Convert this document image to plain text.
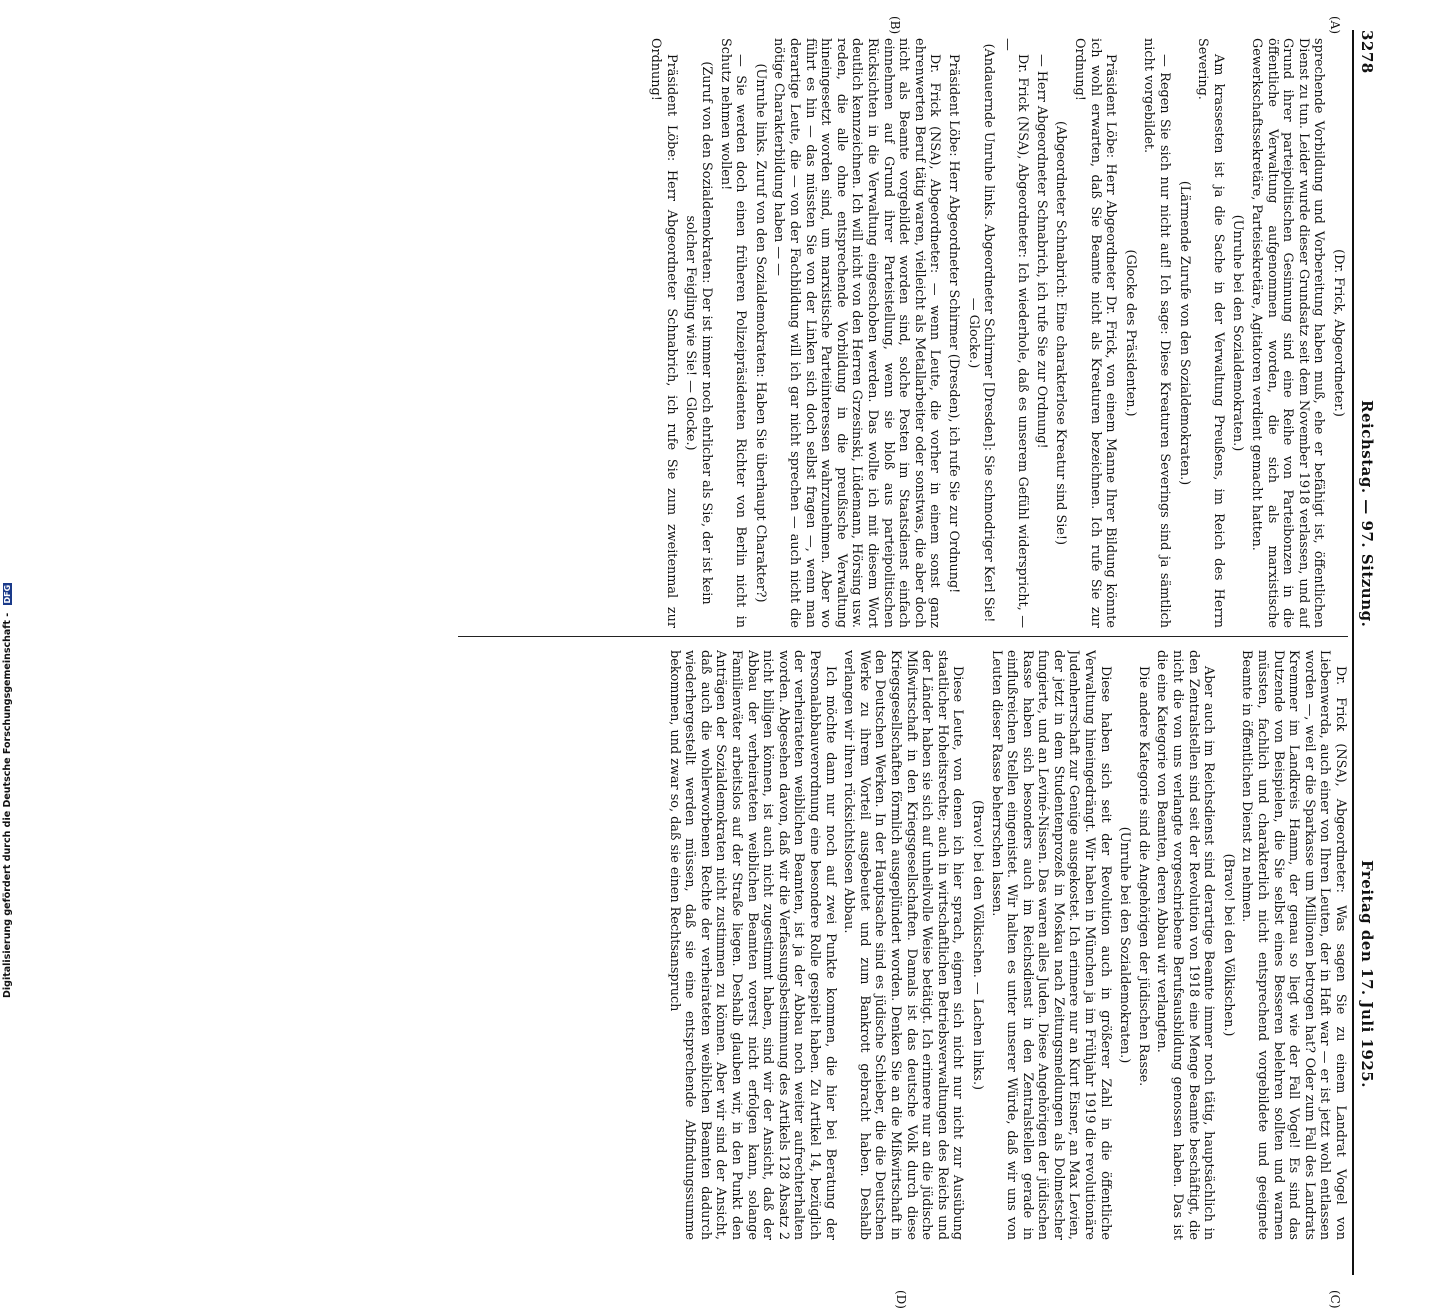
3278
Reichstag. — 97. Sitzung.
Freitag den 17. Juli 1925.
(A)
(B)
(C)
(D)

(Dr. Frick, Abgeordneter.)

sprechende Vorbildung und Vorbereitung haben muß, ehe er befähigt ist, öffentlichen Dienst zu tun. Leider wurde dieser Grundsatz seit dem November 1918 verlassen, und auf Grund ihrer parteipolitischen Gesinnung sind eine Reihe von Parteibonzen in die öffentliche Verwaltung aufgenommen worden, die sich als marxistische Gewerkschaftssekretäre, Parteisekretäre, Agitatoren verdient gemacht hatten.

(Unruhe bei den Sozialdemokraten.)

Am krassesten ist ja die Sache in der Verwaltung Preußens, im Reich des Herrn Severing.

(Lärmende Zurufe von den Sozialdemokraten.)

— Regen Sie sich nur nicht auf! Ich sage: Diese Kreaturen Severings sind ja sämtlich nicht vorgebildet.

(Glocke des Präsidenten.)

Präsident Löbe: Herr Abgeordneter Dr. Frick, von einem Manne Ihrer Bildung könnte ich wohl erwarten, daß Sie Beamte nicht als Kreaturen bezeichnen. Ich rufe Sie zur Ordnung!

(Abgeordneter Schnabrich: Eine charakterlose Kreatur sind Sie!)

— Herr Abgeordneter Schnabrich, ich rufe Sie zur Ordnung!

Dr. Frick (NSA), Abgeordneter: Ich wiederhole, daß es unserem Gefühl widerspricht, — —

(Andauernde Unruhe links. Abgeordneter Schirmer [Dresden]: Sie schmodriger Kerl Sie! — Glocke.)

Präsident Löbe: Herr Abgeordneter Schirmer (Dresden), ich rufe Sie zur Ordnung!

Dr. Frick (NSA), Abgeordneter: — wenn Leute, die vorher in einem sonst ganz ehrenwerten Beruf tätig waren, vielleicht als Metallarbeiter oder sonstwas, die aber doch nicht als Beamte vorgebildet worden sind, solche Posten im Staatsdienst einfach einnehmen auf Grund ihrer Parteistellung, wenn sie bloß aus parteipolitischen Rücksichten in die Verwaltung eingeschoben werden. Das wollte ich mit diesem Wort deutlich kennzeichnen. Ich will nicht von den Herren Grzesinski, Lüdemann, Hörsing usw. reden, die alle ohne entsprechende Vorbildung in die preußische Verwaltung hineingesetzt worden sind, um marxistische Parteiinteressen wahrzunehmen. Aber wo führt es hin — das müssten Sie von der Linken sich doch selbst fragen —, wenn man derartige Leute, die — von der Fachbildung will ich gar nicht sprechen — auch nicht die nötige Charakterbildung haben — —

(Unruhe links. Zuruf von den Sozialdemokraten: Haben Sie überhaupt Charakter?)

— Sie werden doch einen früheren Polizeipräsidenten Richter von Berlin nicht in Schutz nehmen wollen!

(Zuruf von den Sozialdemokraten: Der ist immer noch ehrlicher als Sie, der ist kein solcher Feigling wie Sie! — Glocke.)

Präsident Löbe: Herr Abgeordneter Schnabrich, ich rufe Sie zum zweitenmal zur Ordnung!

Dr. Frick (NSA), Abgeordneter: Was sagen Sie zu einem Landrat Vogel von Liebenwerda, auch einer von Ihren Leuten, der in Haft war — er ist jetzt wohl entlassen worden —, weil er die Sparkasse um Millionen betrogen hat? Oder zum Fall des Landrats Kremmer im Landkreis Hamm, der genau so liegt wie der Fall Vogel! Es sind das Dutzende von Beispielen, die Sie selbst eines Besseren belehren sollten und warnen müssten, fachlich und charakterlich nicht entsprechend vorgebildete und geeignete Beamte in öffentlichen Dienst zu nehmen.

(Bravo! bei den Völkischen.)

Aber auch im Reichsdienst sind derartige Beamte immer noch tätig, hauptsächlich in den Zentralstellen sind seit der Revolution von 1918 eine Menge Beamte beschäftigt, die nicht die von uns verlangte vorgeschriebene Berufsausbildung genossen haben. Das ist die eine Kategorie von Beamten, deren Abbau wir verlangten.

Die andere Kategorie sind die Angehörigen der jüdischen Rasse.

(Unruhe bei den Sozialdemokraten.)

Diese haben sich seit der Revolution auch in größerer Zahl in die öffentliche Verwaltung hineingedrängt. Wir haben in München ja im Frühjahr 1919 die revolutionäre Judenherrschaft zur Genüge ausgekostet. Ich erinnere nur an Kurt Eisner, an Max Levien, der jetzt in dem Studentenprozeß in Moskau nach Zeitungsmeldungen als Dolmetscher fungierte, und an Leviné-Nissen. Das waren alles Juden. Diese Angehörigen der jüdischen Rasse haben sich besonders auch im Reichsdienst in den Zentralstellen gerade in einflußreichen Stellen eingenistet. Wir halten es unter unserer Würde, daß wir uns von Leuten dieser Rasse beherrschen lassen.

(Bravo! bei den Völkischen. — Lachen links.)

Diese Leute, von denen ich hier sprach, eignen sich nicht nur nicht zur Ausübung staatlicher Hoheitsrechte; auch in wirtschaftlichen Betriebsverwaltungen des Reichs und der Länder haben sie sich auf unheilvolle Weise betätigt. Ich erinnere nur an die jüdische Mißwirtschaft in den Kriegsgesellschaften. Damals ist das deutsche Volk durch diese Kriegsgesellschaften förmlich ausgeplündert worden. Denken Sie an die Mißwirtschaft in den Deutschen Werken. In der Hauptsache sind es jüdische Schieber, die die Deutschen Werke zu ihrem Vorteil ausgebeutet und zum Bankrott gebracht haben. Deshalb verlangen wir ihren rücksichtslosen Abbau.

Ich möchte dann nur noch auf zwei Punkte kommen, die hier bei Beratung der Personalabbauverordnung eine besondere Rolle gespielt haben. Zu Artikel 14, bezüglich der verheirateten weiblichen Beamten, ist ja der Abbau noch weiter aufrechterhalten worden. Abgesehen davon, daß wir die Verfassungsbestimmung des Artikels 128 Absatz 2 nicht billigen können, ist auch nicht zugestimmt haben, sind wir der Ansicht, daß der Abbau der verheirateten weiblichen Beamten vorerst nicht erfolgen kann, solange Familienväter arbeitslos auf der Straße liegen. Deshalb glauben wir, in den Punkt den Anträgen der Sozialdemokraten nicht zustimmen zu können. Aber wir sind der Ansicht, daß auch die wohlerworbenen Rechte der verheirateten weiblichen Beamten dadurch wiederhergestellt werden müssen, daß sie eine entsprechende Abfindungssumme bekommen, und zwar so, daß sie einen Rechtsanspruch

Digitalisierung gefördert durch die Deutsche Forschungsgemeinschaft - DFG
